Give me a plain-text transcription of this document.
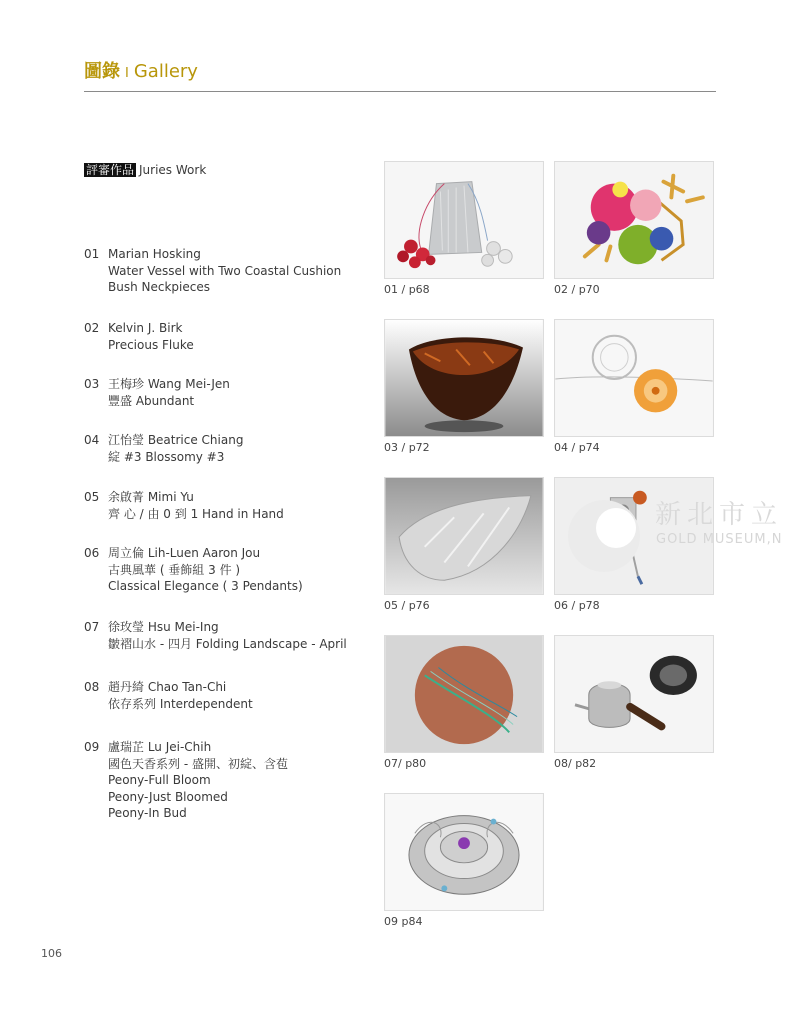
圖錄 I Gallery
評審作品 Juries Work
01 Marian Hosking
Water Vessel with Two Coastal Cushion
Bush Neckpieces
02 Kelvin J. Birk
Precious Fluke
03 王梅珍 Wang Mei-Jen
豐盛 Abundant
04 江怡瑩 Beatrice Chiang
綻 #3 Blossomy #3
05 余啟菁 Mimi Yu
齊 心 / 由 0 到 1 Hand in Hand
06 周立倫 Lih-Luen Aaron Jou
古典風華 ( 垂飾組 3 件 )
Classical Elegance ( 3 Pendants)
07 徐玫瑩 Hsu Mei-Ing
皺褶山水 - 四月 Folding Landscape - April
08 趙丹綺 Chao Tan-Chi
依存系列 Interdependent
09 盧瑞芷 Lu Jei-Chih
國色天香系列 - 盛開、初綻、含苞
Peony-Full Bloom
Peony-Just Bloomed
Peony-In Bud
01 / p68	02 / p70
03 / p72	04 / p74
05 / p76	06 / p78
07/ p80	08/ p82
09 p84
新北市立
GOLD MUSEUM,N
106
